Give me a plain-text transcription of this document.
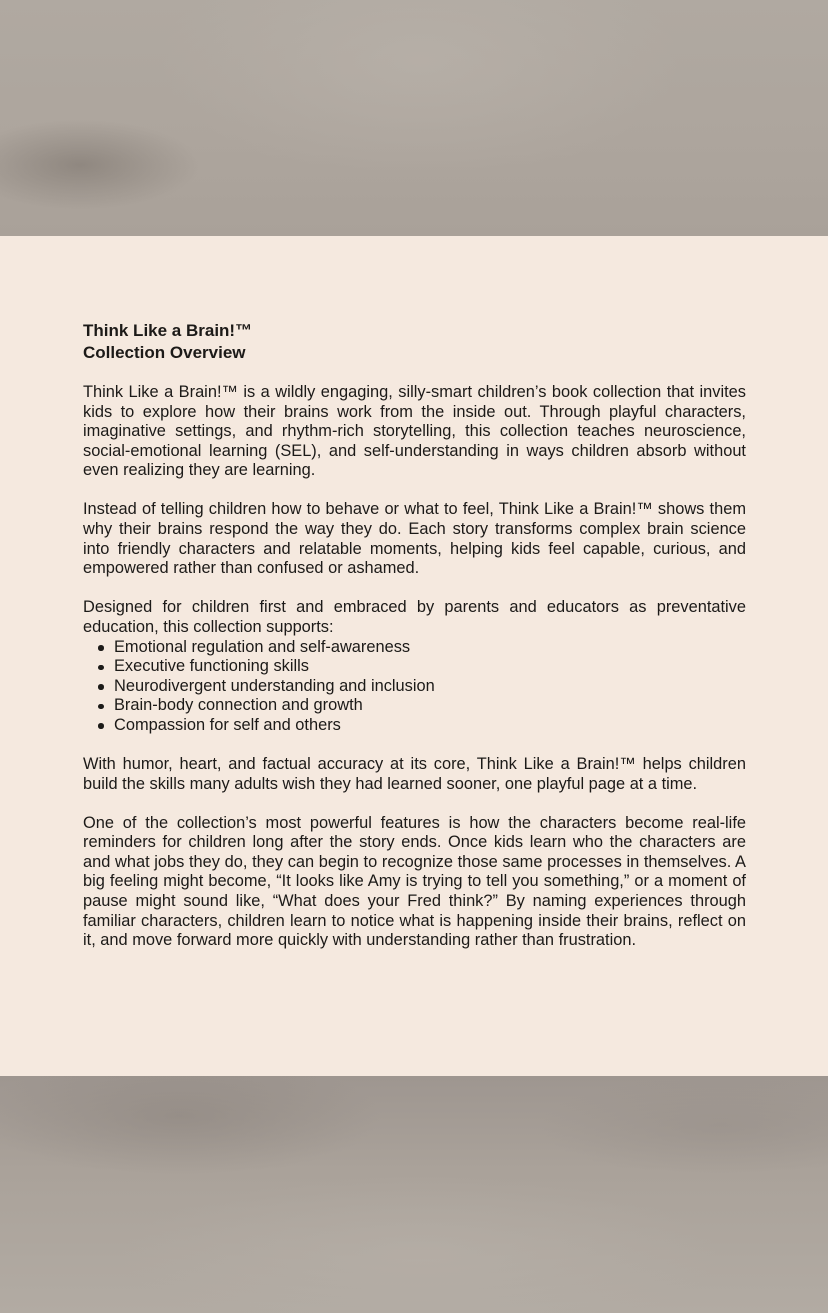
Think Like a Brain!™
Collection Overview

Think Like a Brain!™ is a wildly engaging, silly-smart children’s book collection that invites kids to explore how their brains work from the inside out. Through playful characters, imaginative settings, and rhythm-rich storytelling, this collection teaches neuroscience, social-emotional learning (SEL), and self-understanding in ways children absorb without even realizing they are learning.

Instead of telling children how to behave or what to feel, Think Like a Brain!™ shows them why their brains respond the way they do. Each story transforms complex brain science into friendly characters and relatable moments, helping kids feel capable, curious, and empowered rather than confused or ashamed.

Designed for children first and embraced by parents and educators as preventative education, this collection supports:

Emotional regulation and self-awareness
Executive functioning skills
Neurodivergent understanding and inclusion
Brain-body connection and growth
Compassion for self and others

With humor, heart, and factual accuracy at its core, Think Like a Brain!™ helps children build the skills many adults wish they had learned sooner, one playful page at a time.

One of the collection’s most powerful features is how the characters become real-life reminders for children long after the story ends. Once kids learn who the characters are and what jobs they do, they can begin to recognize those same processes in themselves. A big feeling might become, “It looks like Amy is trying to tell you something,” or a moment of pause might sound like, “What does your Fred think?” By naming experiences through familiar characters, children learn to notice what is happening inside their brains, reflect on it, and move forward more quickly with understanding rather than frustration.
